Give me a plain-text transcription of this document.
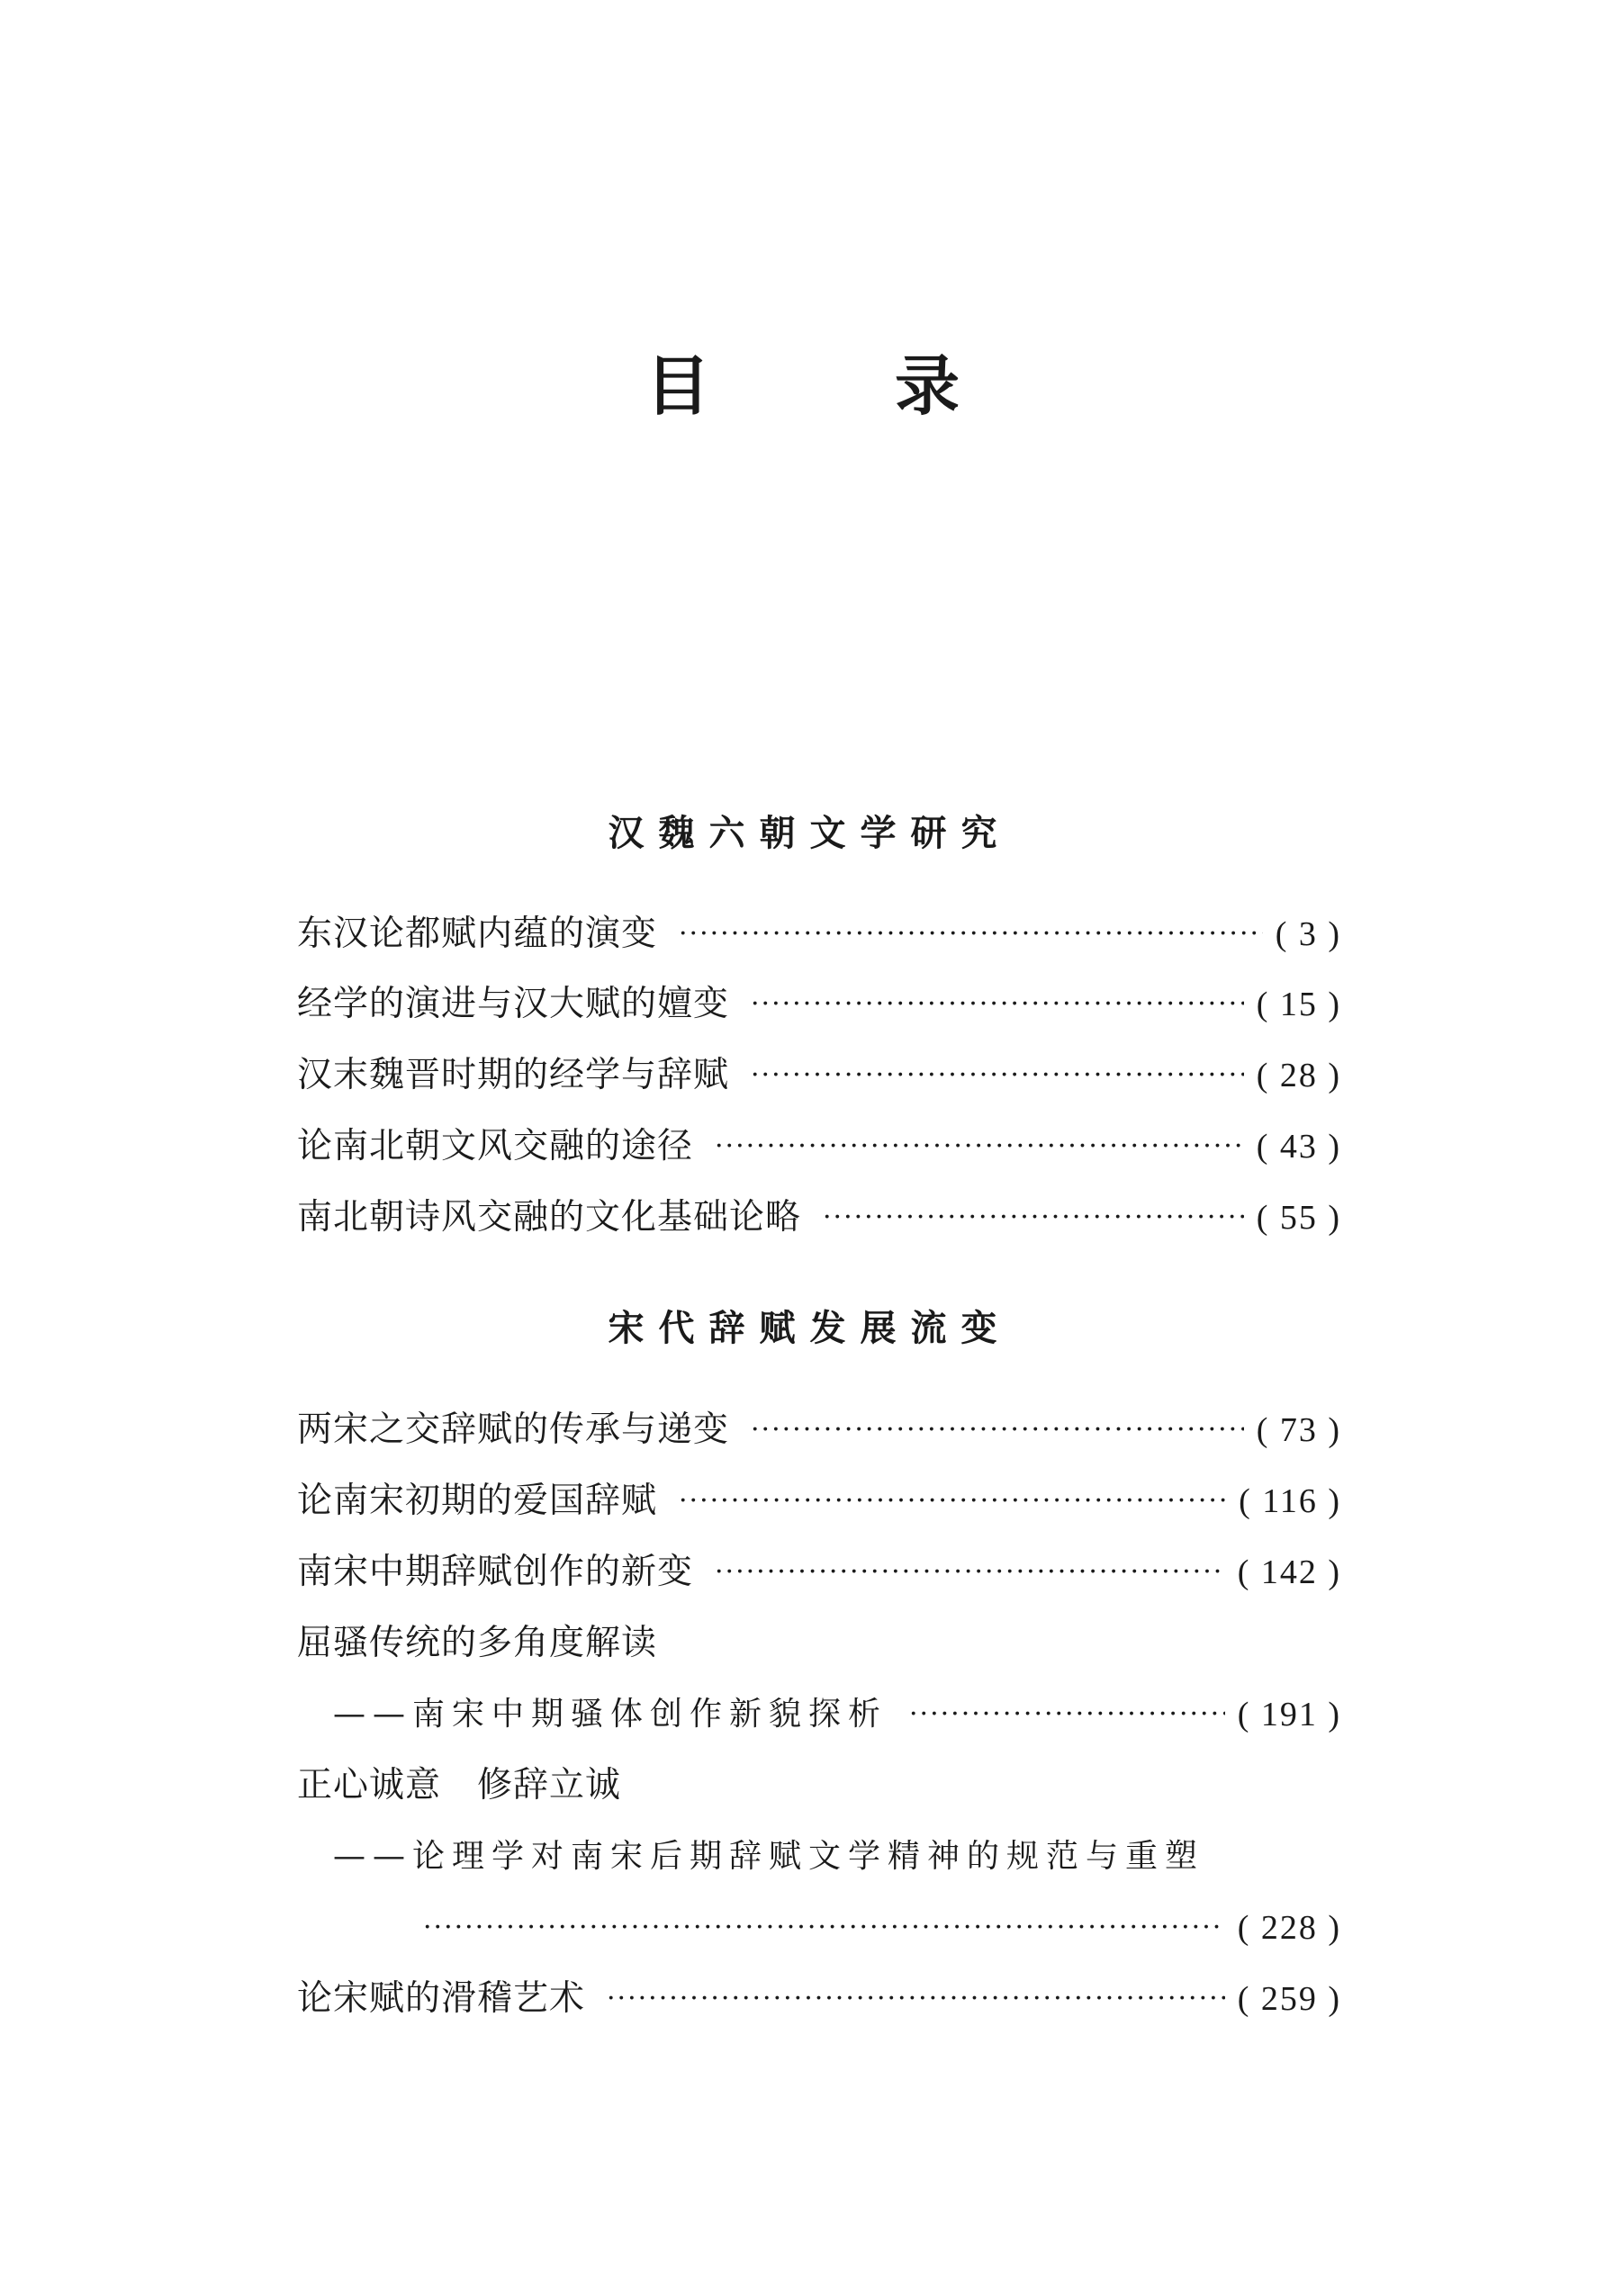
目 录
汉魏六朝文学研究
东汉论都赋内蕴的演变 ·····	( 3 )
经学的演进与汉大赋的嬗变 ·····	( 15 )
汉末魏晋时期的经学与辞赋 ·····	( 28 )
论南北朝文风交融的途径 ·····	( 43 )
南北朝诗风交融的文化基础论略 ·····	( 55 )
宋代辞赋发展流变
两宋之交辞赋的传承与递变 ·····	( 73 )
论南宋初期的爱国辞赋 ·····	( 116 )
南宋中期辞赋创作的新变 ·····	( 142 )
屈骚传统的多角度解读
——南宋中期骚体创作新貌探析 ·····	( 191 )
正心诚意　修辞立诚
——论理学对南宋后期辞赋文学精神的规范与重塑
·····
( 228 )
论宋赋的滑稽艺术 ·····	( 259 )
